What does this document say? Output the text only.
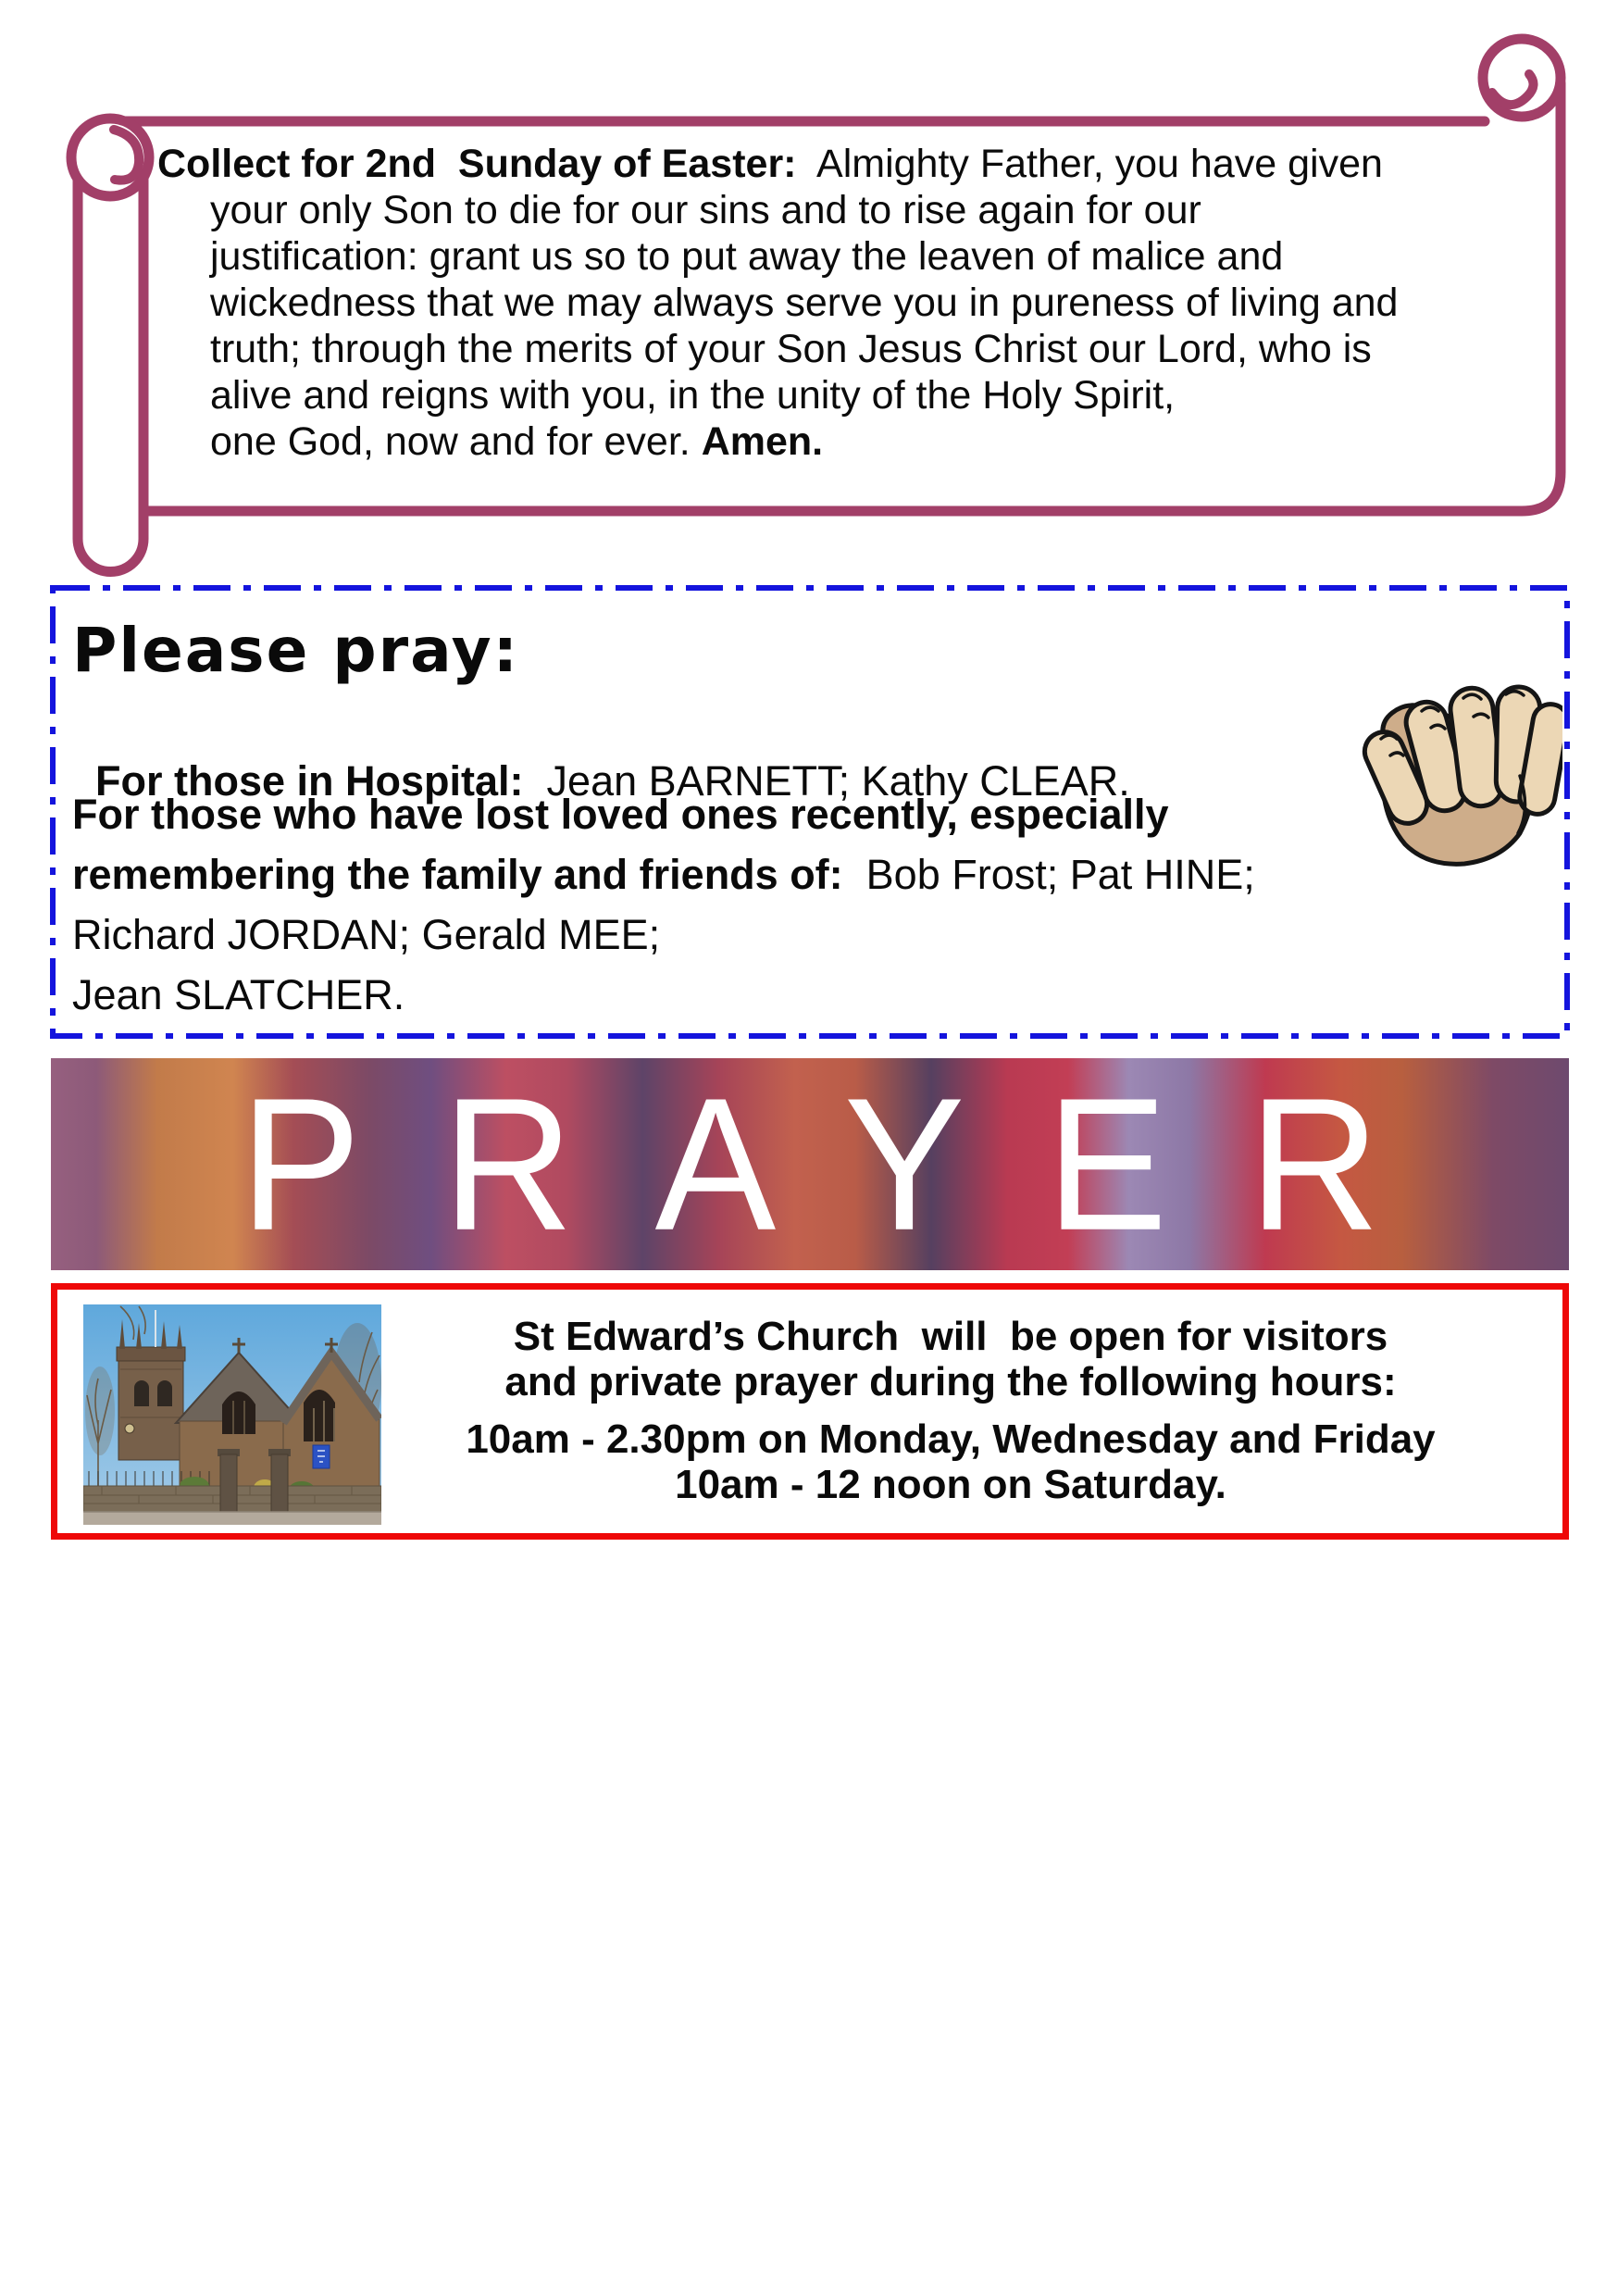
Collect for 2nd  Sunday of Easter:  Almighty Father, you have given
your only Son to die for our sins and to rise again for our
justification: grant us so to put away the leaven of malice and
wickedness that we may always serve you in pureness of living and
truth; through the merits of your Son Jesus Christ our Lord, who is
alive and reigns with you, in the unity of the Holy Spirit,
one God, now and for ever. Amen.
Please pray:

For those in Hospital:  Jean BARNETT; Kathy CLEAR.

For those who have lost loved ones recently, especially
remembering the family and friends of:  Bob Frost; Pat HINE;
Richard JORDAN; Gerald MEE;
Jean SLATCHER.
PRAYER
St Edward’s Church  will  be open for visitors
and private prayer during the following hours:
10am - 2.30pm on Monday, Wednesday and Friday
10am - 12 noon on Saturday.
